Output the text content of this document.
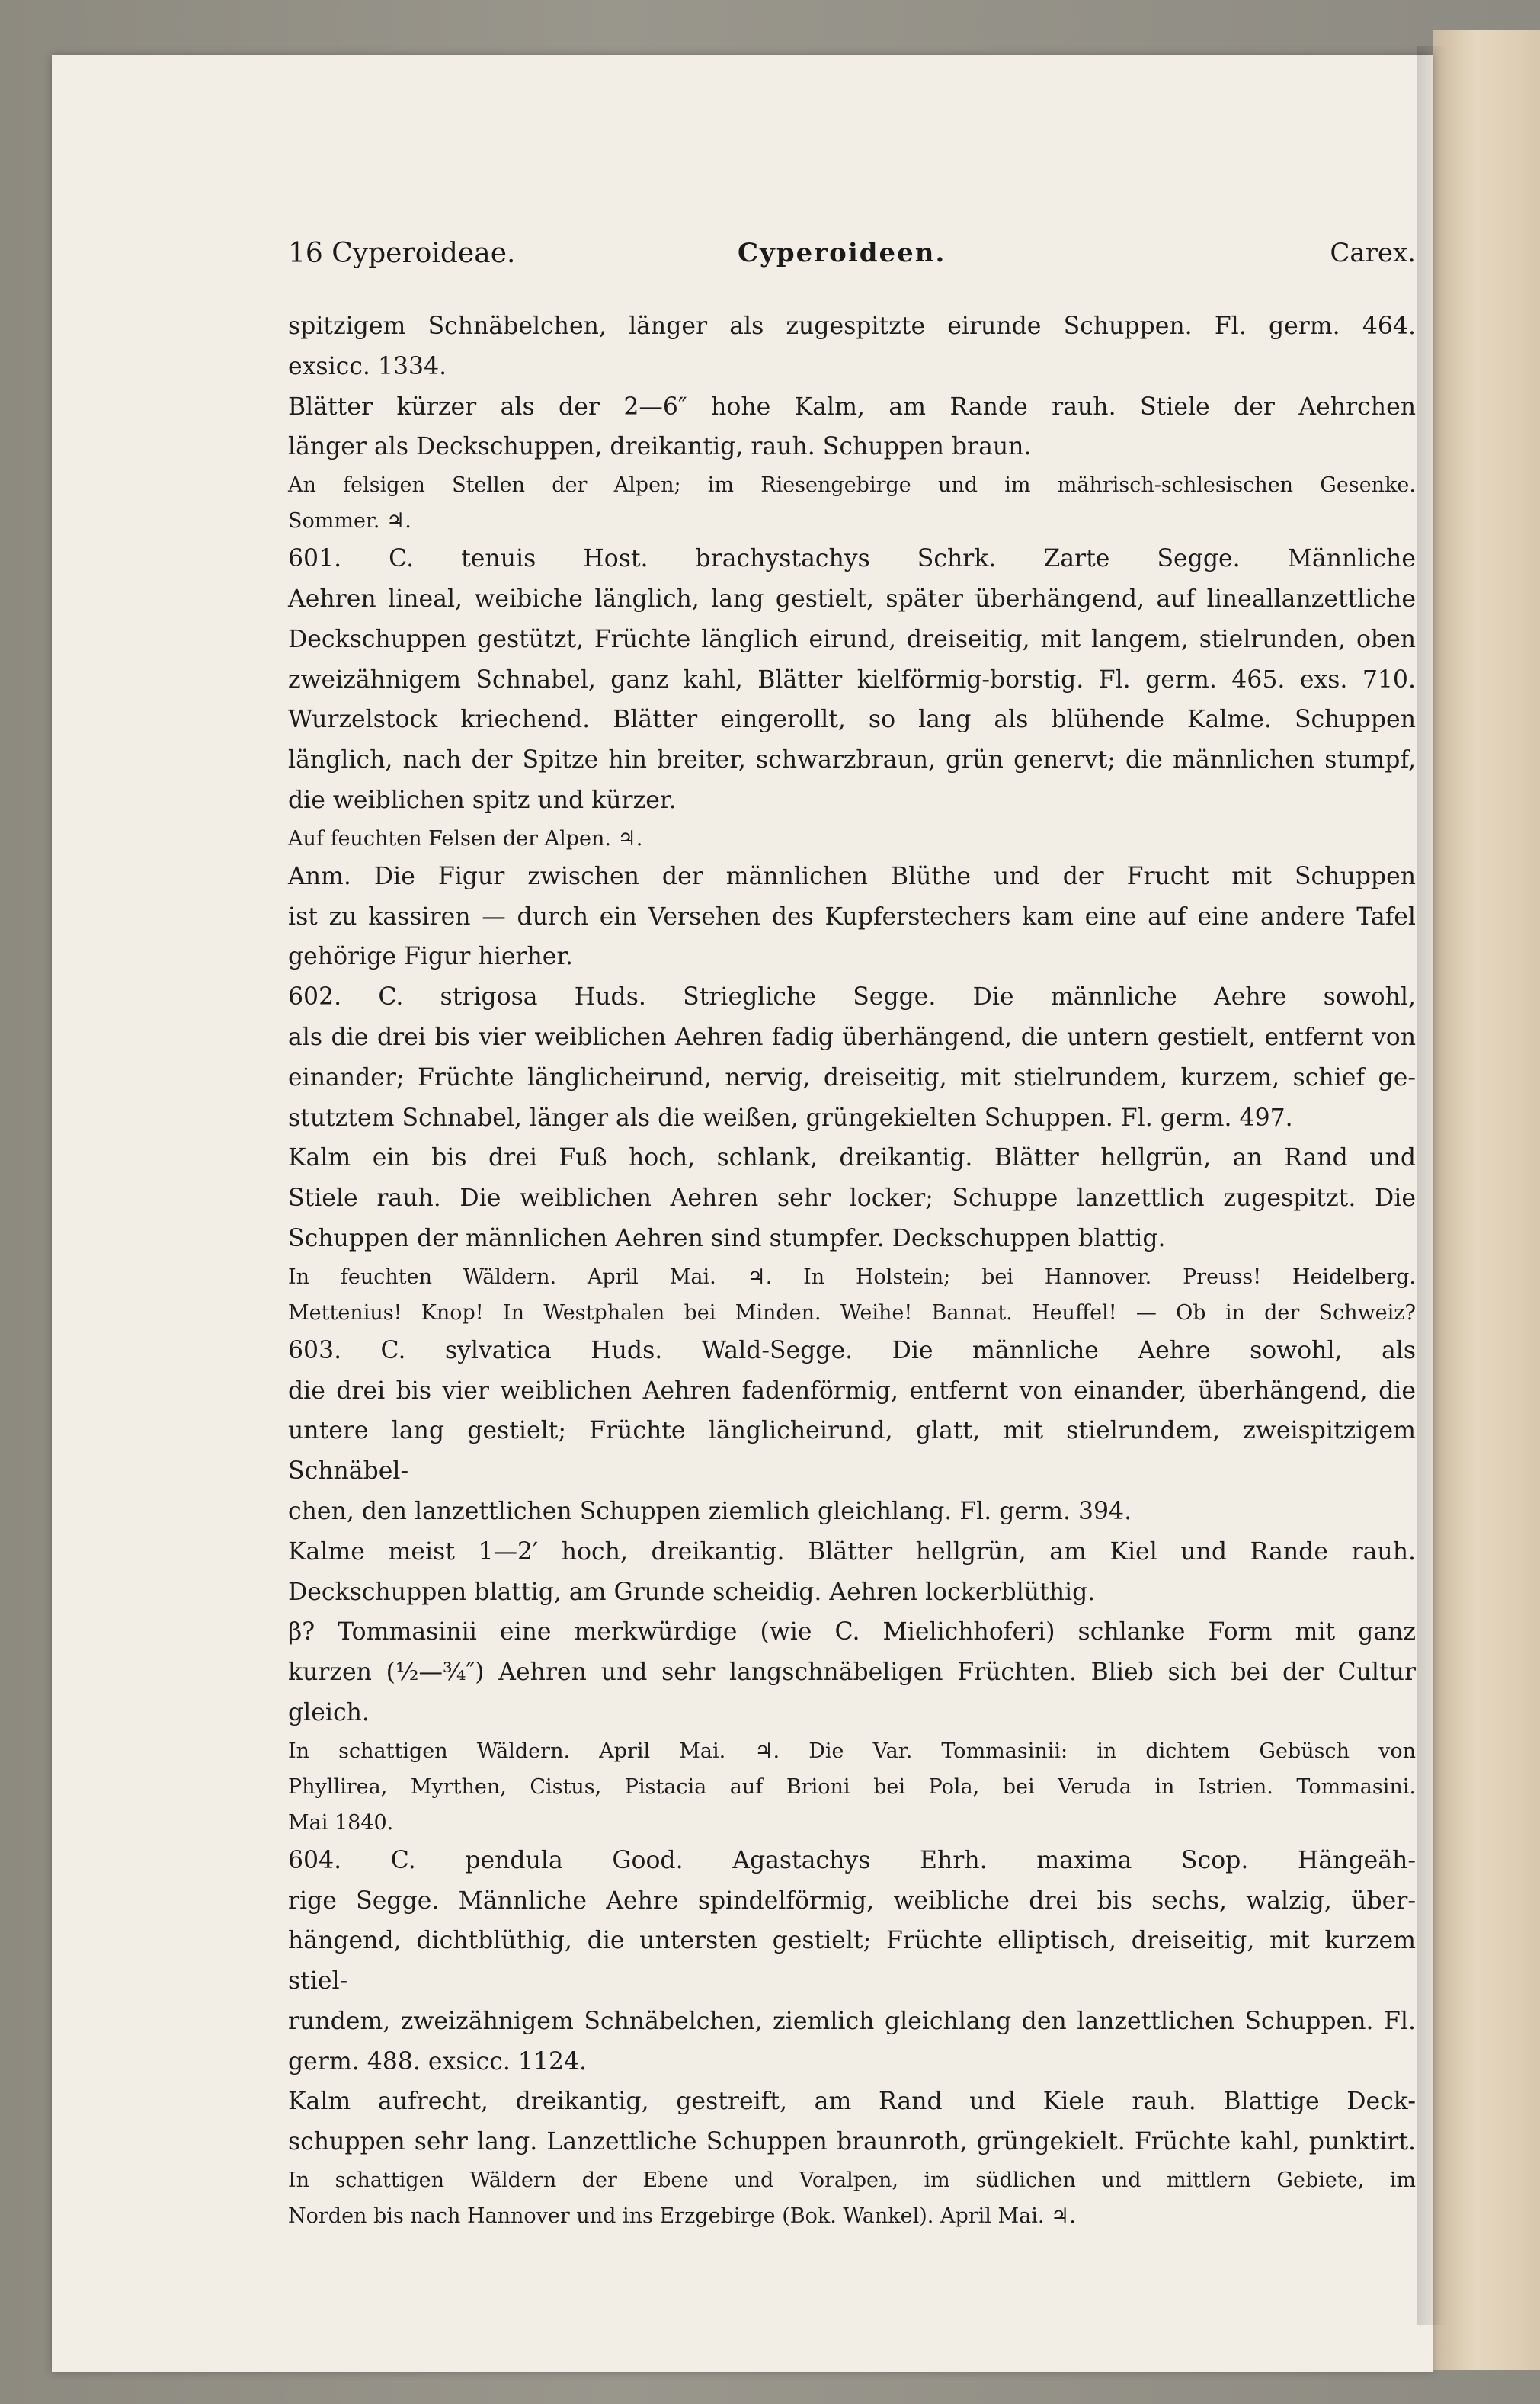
16 Cyperoideae.	Cyperoideen.	Carex.

spitzigem Schnäbelchen, länger als zugespitzte eirunde Schuppen. Fl. germ. 464.

exsicc. 1334.

Blätter kürzer als der 2—6″ hohe Kalm, am Rande rauh. Stiele der Aehrchen

länger als Deckschuppen, dreikantig, rauh. Schuppen braun.

An felsigen Stellen der Alpen; im Riesengebirge und im mährisch-schlesischen Gesenke.

Sommer. ♃.

601. C. tenuis Host. brachystachys Schrk. Zarte Segge. Männliche

Aehren lineal, weibiche länglich, lang gestielt, später überhängend, auf lineallanzettliche

Deckschuppen gestützt, Früchte länglich eirund, dreiseitig, mit langem, stielrunden, oben

zweizähnigem Schnabel, ganz kahl, Blätter kielförmig-borstig. Fl. germ. 465. exs. 710.

Wurzelstock kriechend. Blätter eingerollt, so lang als blühende Kalme. Schuppen

länglich, nach der Spitze hin breiter, schwarzbraun, grün genervt; die männlichen stumpf,

die weiblichen spitz und kürzer.

Auf feuchten Felsen der Alpen. ♃.

Anm. Die Figur zwischen der männlichen Blüthe und der Frucht mit Schuppen

ist zu kassiren — durch ein Versehen des Kupferstechers kam eine auf eine andere Tafel

gehörige Figur hierher.

602. C. strigosa Huds. Striegliche Segge. Die männliche Aehre sowohl,

als die drei bis vier weiblichen Aehren fadig überhängend, die untern gestielt, entfernt von

einander; Früchte länglicheirund, nervig, dreiseitig, mit stielrundem, kurzem, schief ge-

stutztem Schnabel, länger als die weißen, grüngekielten Schuppen. Fl. germ. 497.

Kalm ein bis drei Fuß hoch, schlank, dreikantig. Blätter hellgrün, an Rand und

Stiele rauh. Die weiblichen Aehren sehr locker; Schuppe lanzettlich zugespitzt. Die

Schuppen der männlichen Aehren sind stumpfer. Deckschuppen blattig.

In feuchten Wäldern. April Mai. ♃. In Holstein; bei Hannover. Preuss! Heidelberg.

Mettenius! Knop! In Westphalen bei Minden. Weihe! Bannat. Heuffel! — Ob in der Schweiz?

603. C. sylvatica Huds. Wald-Segge. Die männliche Aehre sowohl, als

die drei bis vier weiblichen Aehren fadenförmig, entfernt von einander, überhängend, die

untere lang gestielt; Früchte länglicheirund, glatt, mit stielrundem, zweispitzigem Schnäbel-

chen, den lanzettlichen Schuppen ziemlich gleichlang. Fl. germ. 394.

Kalme meist 1—2′ hoch, dreikantig. Blätter hellgrün, am Kiel und Rande rauh.

Deckschuppen blattig, am Grunde scheidig. Aehren lockerblüthig.

β? Tommasinii eine merkwürdige (wie C. Mielichhoferi) schlanke Form mit ganz

kurzen (½—¾″) Aehren und sehr langschnäbeligen Früchten. Blieb sich bei der Cultur gleich.

In schattigen Wäldern. April Mai. ♃. Die Var. Tommasinii: in dichtem Gebüsch von

Phyllirea, Myrthen, Cistus, Pistacia auf Brioni bei Pola, bei Veruda in Istrien. Tommasini.

Mai 1840.

604. C. pendula Good. Agastachys Ehrh. maxima Scop. Hängeäh-

rige Segge. Männliche Aehre spindelförmig, weibliche drei bis sechs, walzig, über-

hängend, dichtblüthig, die untersten gestielt; Früchte elliptisch, dreiseitig, mit kurzem stiel-

rundem, zweizähnigem Schnäbelchen, ziemlich gleichlang den lanzettlichen Schuppen. Fl.

germ. 488. exsicc. 1124.

Kalm aufrecht, dreikantig, gestreift, am Rand und Kiele rauh. Blattige Deck-

schuppen sehr lang. Lanzettliche Schuppen braunroth, grüngekielt. Früchte kahl, punktirt.

In schattigen Wäldern der Ebene und Voralpen, im südlichen und mittlern Gebiete, im

Norden bis nach Hannover und ins Erzgebirge (Bok. Wankel). April Mai. ♃.
